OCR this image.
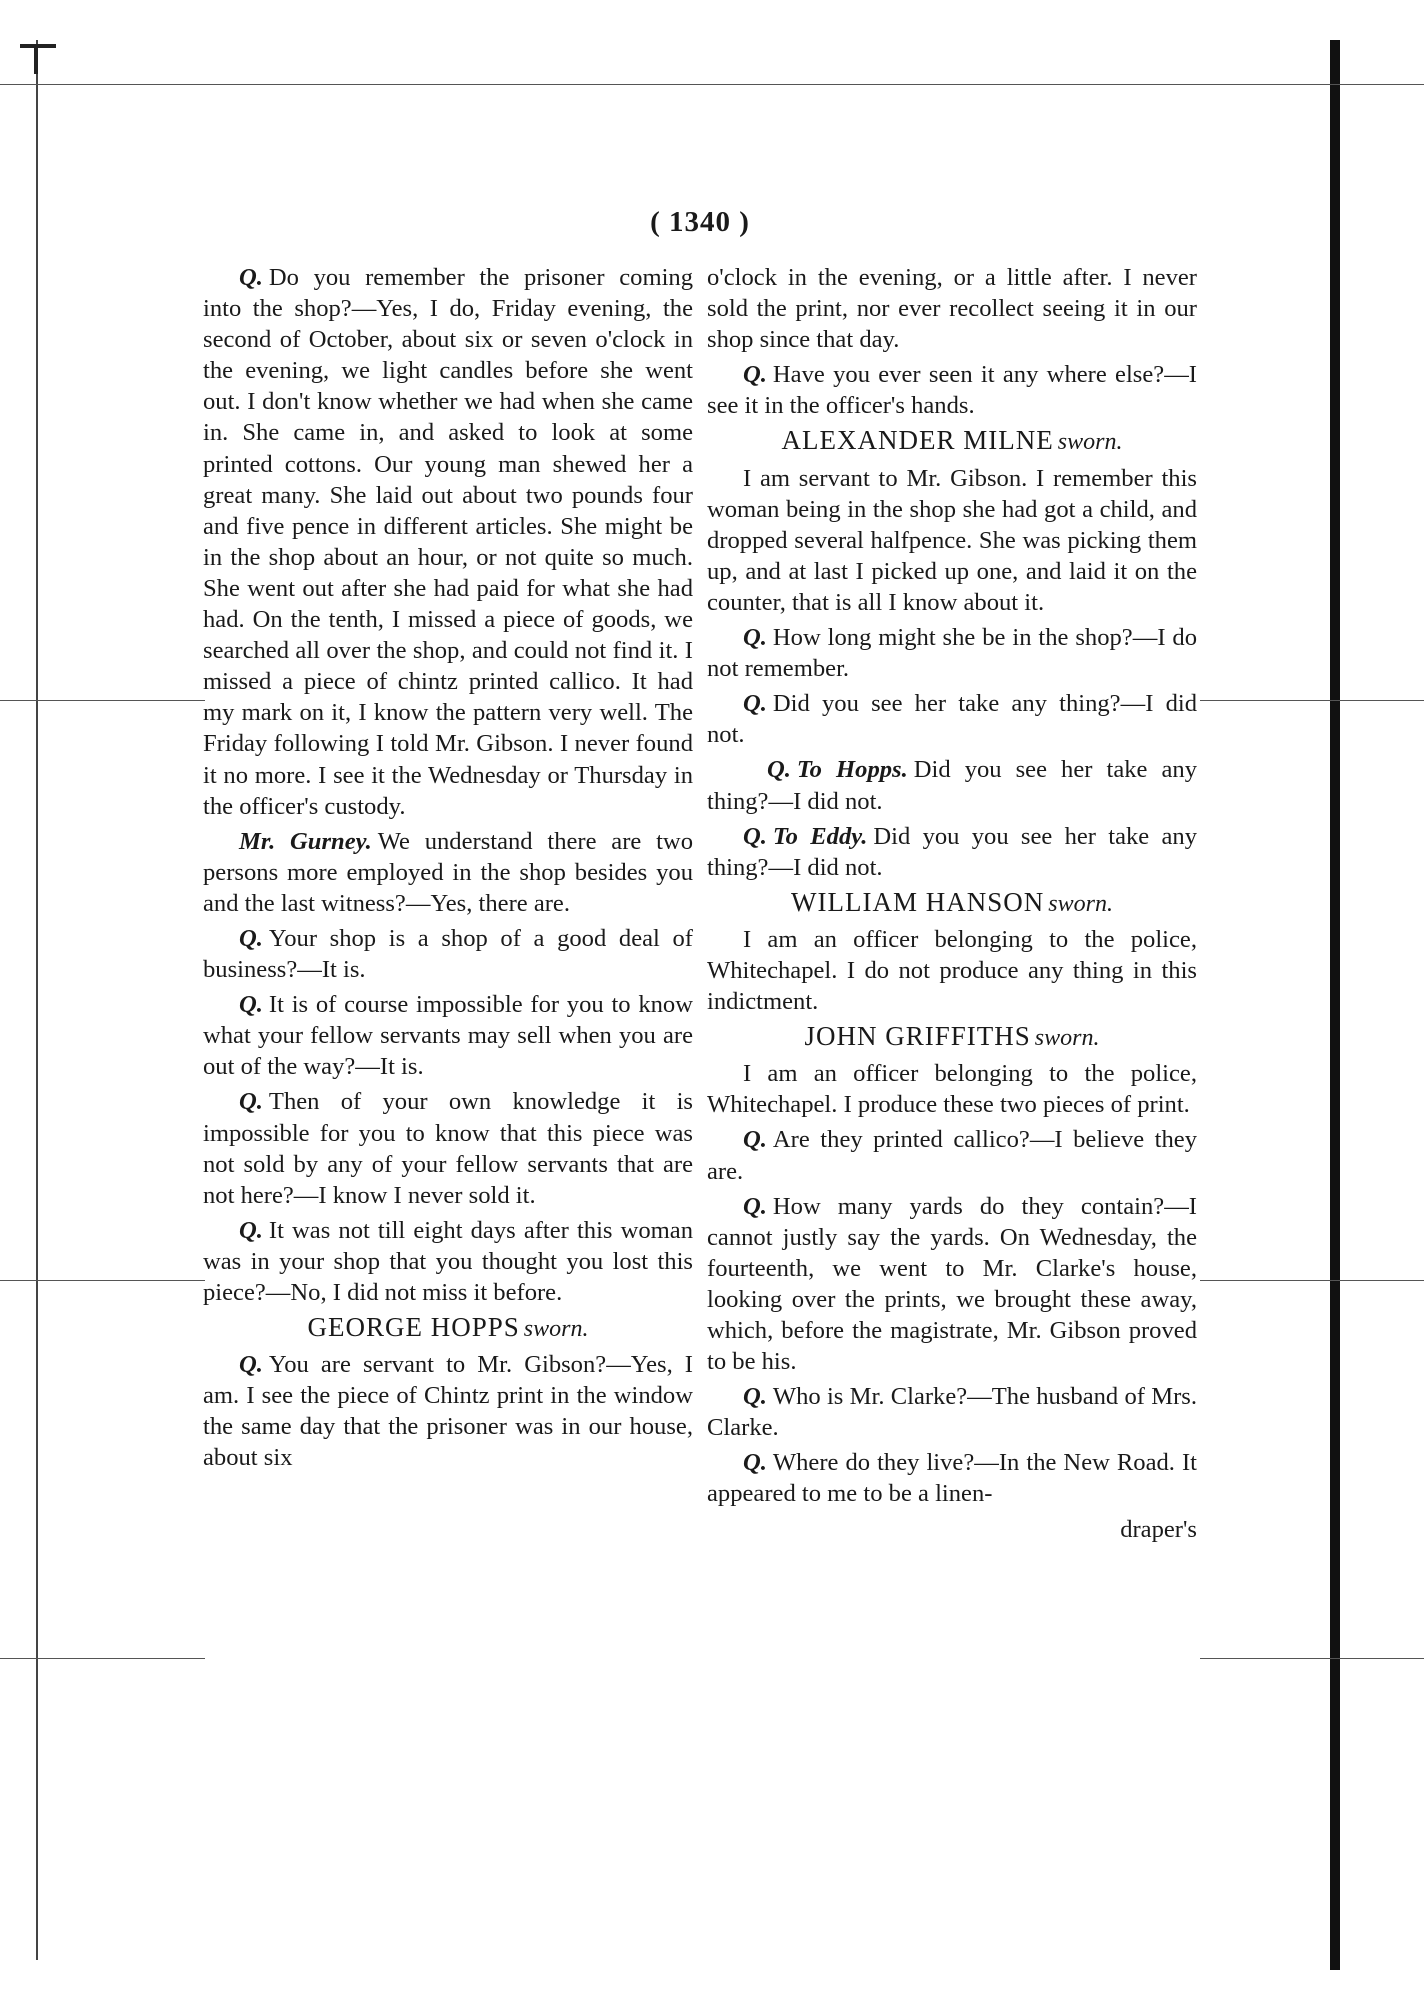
( 1340 )

Q. Do you remember the prisoner coming into the shop?—Yes, I do, Friday evening, the second of October, about six or seven o'clock in the evening, we light candles before she went out. I don't know whether we had when she came in. She came in, and asked to look at some printed cottons. Our young man shewed her a great many. She laid out about two pounds four and five pence in different articles. She might be in the shop about an hour, or not quite so much. She went out after she had paid for what she had had. On the tenth, I missed a piece of goods, we searched all over the shop, and could not find it. I missed a piece of chintz printed callico. It had my mark on it, I know the pattern very well. The Friday following I told Mr. Gibson. I never found it no more. I see it the Wednesday or Thursday in the officer's custody.

Mr. Gurney. We understand there are two persons more employed in the shop besides you and the last witness?—Yes, there are.

Q. Your shop is a shop of a good deal of business?—It is.

Q. It is of course impossible for you to know what your fellow servants may sell when you are out of the way?—It is.

Q. Then of your own knowledge it is impossible for you to know that this piece was not sold by any of your fellow servants that are not here?—I know I never sold it.

Q. It was not till eight days after this woman was in your shop that you thought you lost this piece?—No, I did not miss it before.

GEORGE HOPPS sworn.

Q. You are servant to Mr. Gibson?—Yes, I am. I see the piece of Chintz print in the window the same day that the prisoner was in our house, about six

o'clock in the evening, or a little after. I never sold the print, nor ever recollect seeing it in our shop since that day.

Q. Have you ever seen it any where else?—I see it in the officer's hands.

ALEXANDER MILNE sworn.

I am servant to Mr. Gibson. I remember this woman being in the shop she had got a child, and dropped several halfpence. She was picking them up, and at last I picked up one, and laid it on the counter, that is all I know about it.

Q. How long might she be in the shop?—I do not remember.

Q. Did you see her take any thing?—I did not.

Q. To Hopps. Did you see her take any thing?—I did not.

Q. To Eddy. Did you you see her take any thing?—I did not.

WILLIAM HANSON sworn.

I am an officer belonging to the police, Whitechapel. I do not produce any thing in this indictment.

JOHN GRIFFITHS sworn.

I am an officer belonging to the police, Whitechapel. I produce these two pieces of print.

Q. Are they printed callico?—I believe they are.

Q. How many yards do they contain?—I cannot justly say the yards. On Wednesday, the fourteenth, we went to Mr. Clarke's house, looking over the prints, we brought these away, which, before the magistrate, Mr. Gibson proved to be his.

Q. Who is Mr. Clarke?—The husband of Mrs. Clarke.

Q. Where do they live?—In the New Road. It appeared to me to be a linen-

draper's
